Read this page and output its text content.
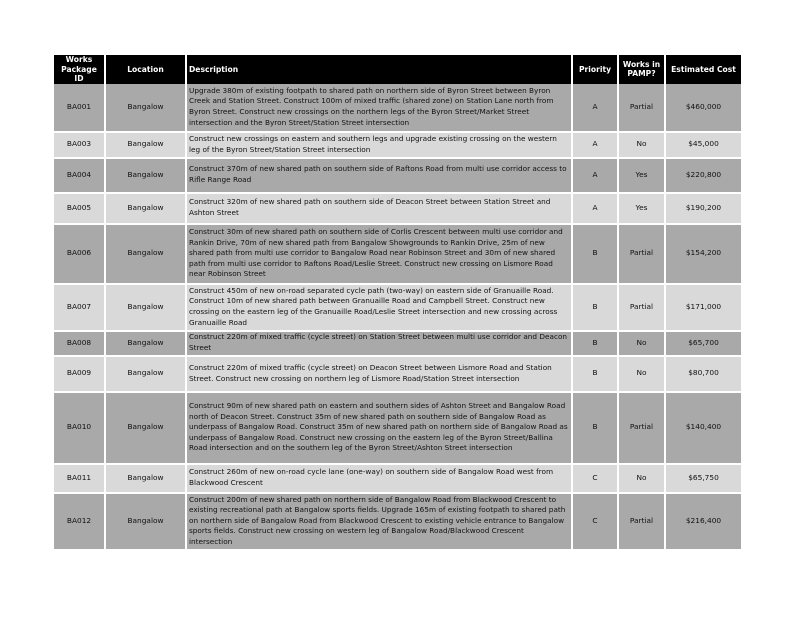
Works Package ID	Location	Description	Priority	Works in PAMP?	Estimated Cost
BA001	Bangalow	Upgrade 380m of existing footpath to shared path on northern side of Byron Street between Byron Creek and Station Street. Construct 100m of mixed traffic (shared zone) on Station Lane north from Byron Street. Construct new crossings on the northern legs of the Byron Street/Market Street intersection and the Byron Street/Station Street intersection	A	Partial	$460,000
BA003	Bangalow	Construct new crossings on eastern and southern legs and upgrade existing crossing on the western leg of the Byron Street/Station Street intersection	A	No	$45,000
BA004	Bangalow	Construct 370m of new shared path on southern side of Raftons Road from multi use corridor access to Rifle Range Road	A	Yes	$220,800
BA005	Bangalow	Construct 320m of new shared path on southern side of Deacon Street between Station Street and Ashton Street	A	Yes	$190,200
BA006	Bangalow	Construct 30m of new shared path on southern side of Corlis Crescent between multi use corridor and Rankin Drive, 70m of new shared path from Bangalow Showgrounds to Rankin Drive, 25m of new shared path from multi use corridor to Bangalow Road near Robinson Street and 30m of new shared path from multi use corridor to Raftons Road/Leslie Street. Construct new crossing on Lismore Road near Robinson Street	B	Partial	$154,200
BA007	Bangalow	Construct 450m of new on-road separated cycle path (two-way) on eastern side of Granuaille Road. Construct 10m of new shared path between Granuaille Road and Campbell Street. Construct new crossing on the eastern leg of the Granuaille Road/Leslie Street intersection and new crossing across Granuaille Road	B	Partial	$171,000
BA008	Bangalow	Construct 220m of mixed traffic (cycle street) on Station Street between multi use corridor and Deacon Street	B	No	$65,700
BA009	Bangalow	Construct 220m of mixed traffic (cycle street) on Deacon Street between Lismore Road and Station Street. Construct new crossing on northern leg of Lismore Road/Station Street intersection	B	No	$80,700
BA010	Bangalow	Construct 90m of new shared path on eastern and southern sides of Ashton Street and Bangalow Road north of Deacon Street. Construct 35m of new shared path on southern side of Bangalow Road as underpass of Bangalow Road. Construct 35m of new shared path on northern side of Bangalow Road as underpass of Bangalow Road. Construct new crossing on the eastern leg of the Byron Street/Ballina Road intersection and on the southern leg of the Byron Street/Ashton Street intersection	B	Partial	$140,400
BA011	Bangalow	Construct 260m of new on-road cycle lane (one-way) on southern side of Bangalow Road west from Blackwood Crescent	C	No	$65,750
BA012	Bangalow	Construct 200m of new shared path on northern side of Bangalow Road from Blackwood Crescent to existing recreational path at Bangalow sports fields. Upgrade 165m of existing footpath to shared path on northern side of Bangalow Road from Blackwood Crescent to existing vehicle entrance to Bangalow sports fields. Construct new crossing on western leg of Bangalow Road/Blackwood Crescent intersection	C	Partial	$216,400
